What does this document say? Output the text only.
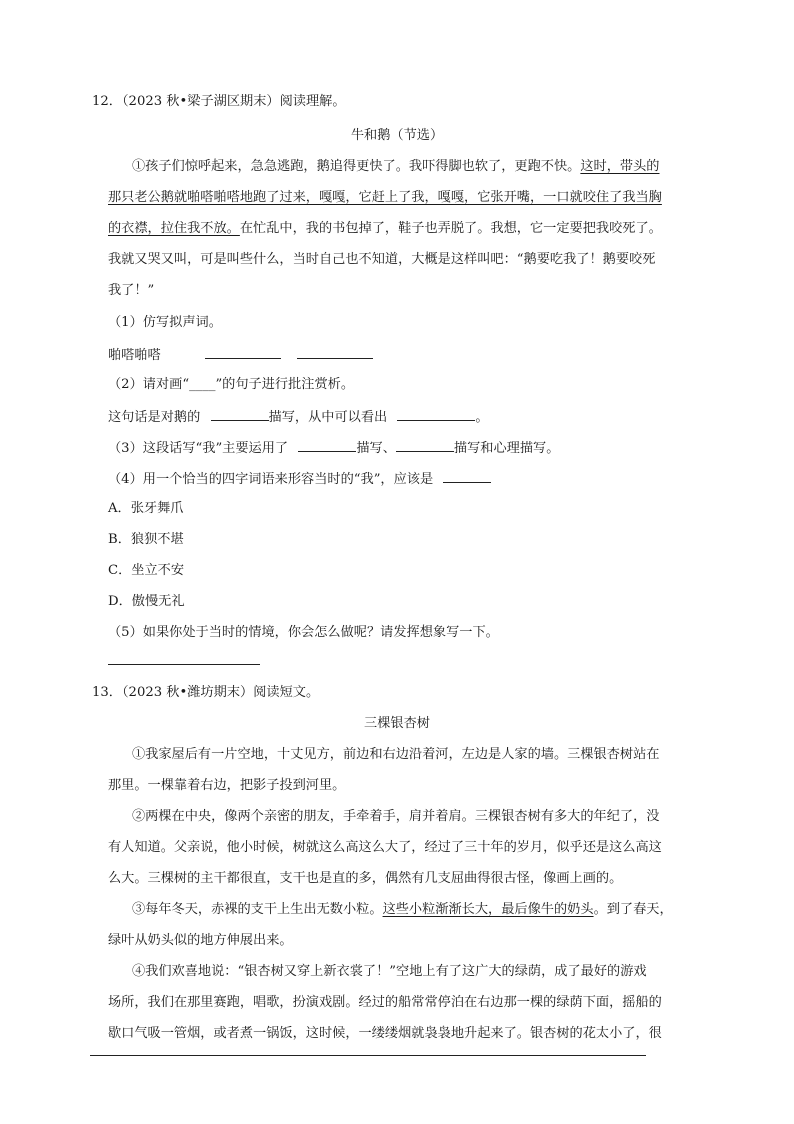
12．（2023 秋•梁子湖区期末）阅读理解。
牛和鹅（节选）
①孩子们惊呼起来，急急逃跑，鹅追得更快了。我吓得脚也软了，更跑不快。这时，带头的
那只老公鹅就啪嗒啪嗒地跑了过来，嘎嘎，它赶上了我，嘎嘎，它张开嘴，一口就咬住了我当胸
的衣襟，拉住我不放。在忙乱中，我的书包掉了，鞋子也弄脱了。我想，它一定要把我咬死了。
我就又哭又叫，可是叫些什么，当时自己也不知道，大概是这样叫吧：“鹅要吃我了！鹅要咬死
我了！”
（1）仿写拟声词。
啪嗒啪嗒
（2）请对画“____”的句子进行批注赏析。
这句话是对鹅的	描写，从中可以看出	。
（3）这段话写“我”主要运用了	描写、	描写和心理描写。
（4）用一个恰当的四字词语来形容当时的“我”，应该是
A．张牙舞爪
B．狼狈不堪
C．坐立不安
D．傲慢无礼
（5）如果你处于当时的情境，你会怎么做呢？请发挥想象写一下。
13．（2023 秋•潍坊期末）阅读短文。
三棵银杏树
①我家屋后有一片空地，十丈见方，前边和右边沿着河，左边是人家的墙。三棵银杏树站在
那里。一棵靠着右边，把影子投到河里。
②两棵在中央，像两个亲密的朋友，手牵着手，肩并着肩。三棵银杏树有多大的年纪了，没
有人知道。父亲说，他小时候，树就这么高这么大了，经过了三十年的岁月，似乎还是这么高这
么大。三棵树的主干都很直，支干也是直的多，偶然有几支屈曲得很古怪，像画上画的。
③每年冬天，赤裸的支干上生出无数小粒。这些小粒渐渐长大，最后像牛的奶头。到了春天，
绿叶从奶头似的地方伸展出来。
④我们欢喜地说：“银杏树又穿上新衣裳了！”空地上有了这广大的绿荫，成了最好的游戏
场所，我们在那里赛跑，唱歌，扮演戏剧。经过的船常常停泊在右边那一棵的绿荫下面，摇船的
歇口气吸一管烟，或者煮一锅饭，这时候，一缕缕烟就袅袅地升起来了。银杏树的花太小了，很
